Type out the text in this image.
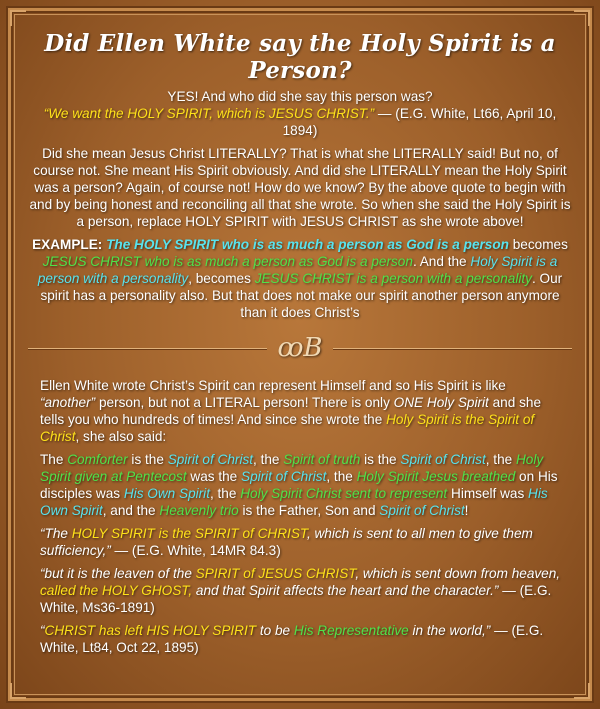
Did Ellen White say the Holy Spirit is a Person?

YES! And who did she say this person was?

“We want the HOLY SPIRIT, which is JESUS CHRIST.” — (E.G. White, Lt66, April 10, 1894)

Did she mean Jesus Christ LITERALLY? That is what she LITERALLY said! But no, of course not. She meant His Spirit obviously. And did she LITERALLY mean the Holy Spirit was a person? Again, of course not! How do we know? By the above quote to begin with and by being honest and reconciling all that she wrote. So when she said the Holy Spirit is a person, replace HOLY SPIRIT with JESUS CHRIST as she wrote above!

EXAMPLE: The HOLY SPIRIT who is as much a person as God is a person becomes JESUS CHRIST who is as much a person as God is a person. And the Holy Spirit is a person with a personality, becomes JESUS CHRIST is a person with a personality. Our spirit has a personality also. But that does not make our spirit another person anymore than it does Christ’s

ꝏB

Ellen White wrote Christ’s Spirit can represent Himself and so His Spirit is like “another” person, but not a LITERAL person! There is only ONE Holy Spirit and she tells you who hundreds of times! And since she wrote the Holy Spirit is the Spirit of Christ, she also said:

The Comforter is the Spirit of Christ, the Spirit of truth is the Spirit of Christ, the Holy Spirit given at Pentecost was the Spirit of Christ, the Holy Spirit Jesus breathed on His disciples was His Own Spirit, the Holy Spirit Christ sent to represent Himself was His Own Spirit, and the Heavenly trio is the Father, Son and Spirit of Christ!

“The HOLY SPIRIT is the SPIRIT of CHRIST, which is sent to all men to give them sufficiency,” — (E.G. White, 14MR 84.3)

“but it is the leaven of the SPIRIT of JESUS CHRIST, which is sent down from heaven, called the HOLY GHOST, and that Spirit affects the heart and the character.” — (E.G. White, Ms36-1891)

“CHRIST has left HIS HOLY SPIRIT to be His Representative in the world,” — (E.G. White, Lt84, Oct 22, 1895)
